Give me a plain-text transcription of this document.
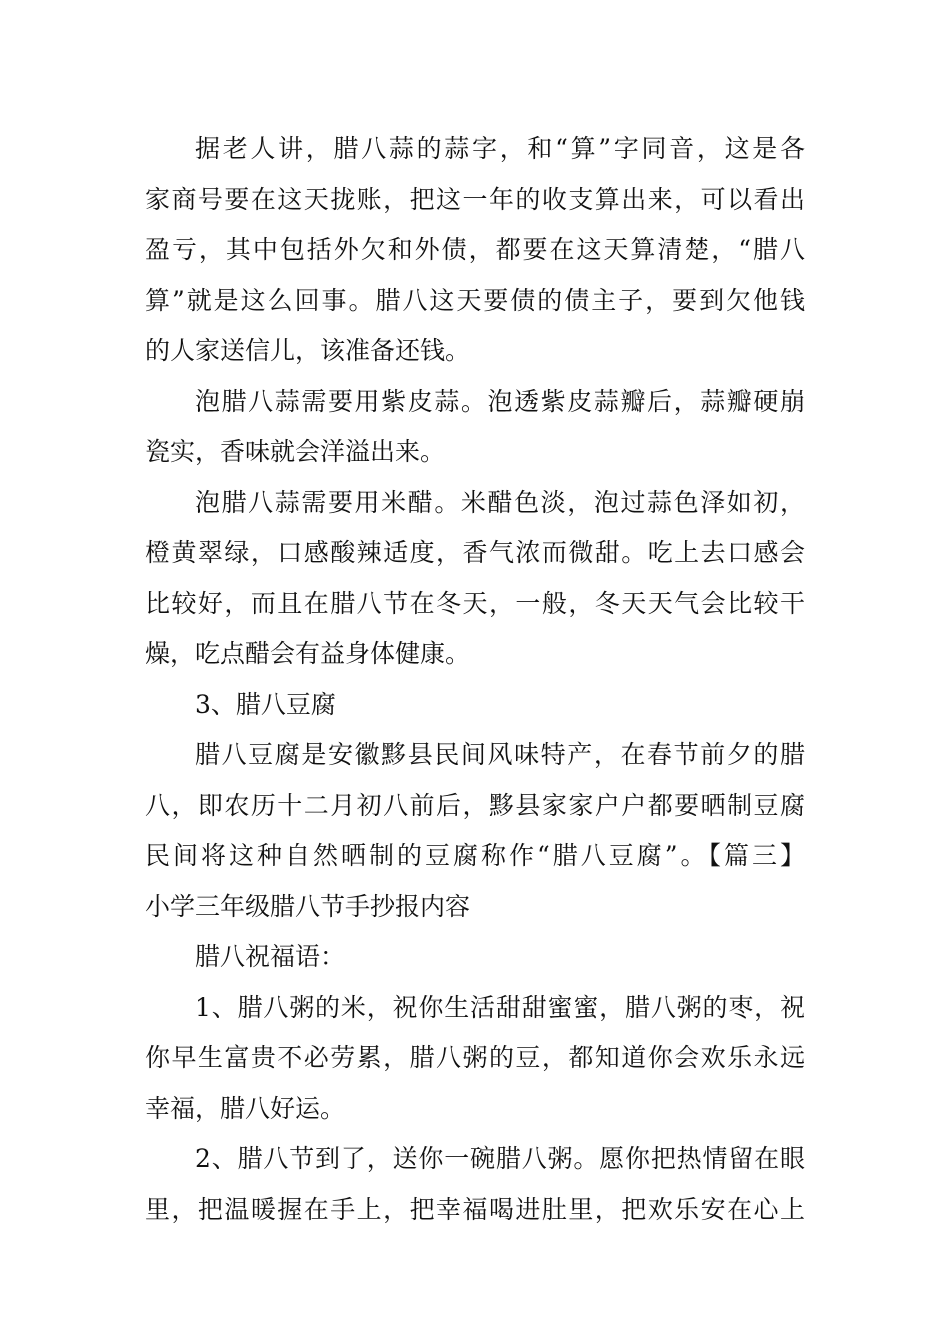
据老人讲，腊八蒜的蒜字，和“算”字同音，这是各
家商号要在这天拢账，把这一年的收支算出来，可以看出
盈亏，其中包括外欠和外债，都要在这天算清楚，“腊八
算”就是这么回事。腊八这天要债的债主子，要到欠他钱
的人家送信儿，该准备还钱。
泡腊八蒜需要用紫皮蒜。泡透紫皮蒜瓣后，蒜瓣硬崩
瓷实，香味就会洋溢出来。
泡腊八蒜需要用米醋。米醋色淡，泡过蒜色泽如初，
橙黄翠绿，口感酸辣适度，香气浓而微甜。吃上去口感会
比较好，而且在腊八节在冬天，一般，冬天天气会比较干
燥，吃点醋会有益身体健康。
3、腊八豆腐
腊八豆腐是安徽黟县民间风味特产，在春节前夕的腊
八，即农历十二月初八前后，黟县家家户户都要晒制豆腐
民间将这种自然晒制的豆腐称作“腊八豆腐”。【篇三】
小学三年级腊八节手抄报内容
腊八祝福语：
1、腊八粥的米，祝你生活甜甜蜜蜜，腊八粥的枣，祝
你早生富贵不必劳累，腊八粥的豆，都知道你会欢乐永远
幸福，腊八好运。
2、腊八节到了，送你一碗腊八粥。愿你把热情留在眼
里，把温暖握在手上，把幸福喝进肚里，把欢乐安在心上
